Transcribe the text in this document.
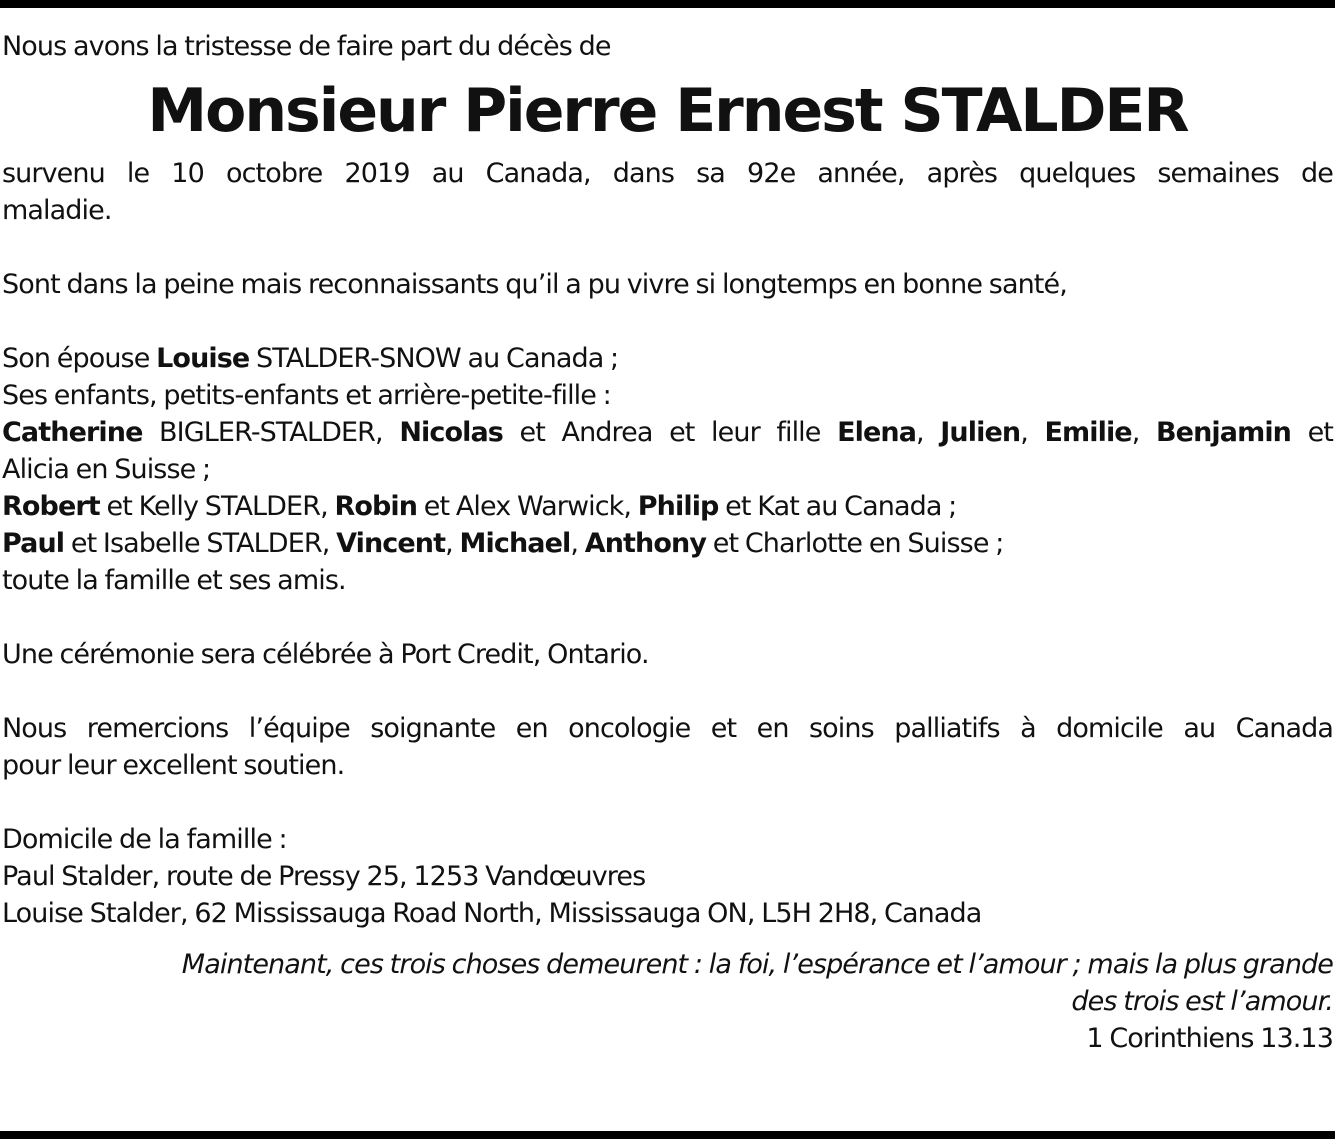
Nous avons la tristesse de faire part du décès de

Monsieur Pierre Ernest STALDER

survenu le 10 octobre 2019 au Canada, dans sa 92e année, après quelques semaines de

maladie.

Sont dans la peine mais reconnaissants qu’il a pu vivre si longtemps en bonne santé,

Son épouse Louise STALDER-SNOW au Canada ;

Ses enfants, petits-enfants et arrière-petite-fille :

Catherine BIGLER-STALDER, Nicolas et Andrea et leur fille Elena, Julien, Emilie, Benjamin et

Alicia en Suisse ;

Robert et Kelly STALDER, Robin et Alex Warwick, Philip et Kat au Canada ;

Paul et Isabelle STALDER, Vincent, Michael, Anthony et Charlotte en Suisse ;

toute la famille et ses amis.

Une cérémonie sera célébrée à Port Credit, Ontario.

Nous remercions l’équipe soignante en oncologie et en soins palliatifs à domicile au Canada

pour leur excellent soutien.

Domicile de la famille :

Paul Stalder, route de Pressy 25, 1253 Vandœuvres

Louise Stalder, 62 Mississauga Road North, Mississauga ON, L5H 2H8, Canada

Maintenant, ces trois choses demeurent : la foi, l’espérance et l’amour ; mais la plus grande

des trois est l’amour.

1 Corinthiens 13.13
